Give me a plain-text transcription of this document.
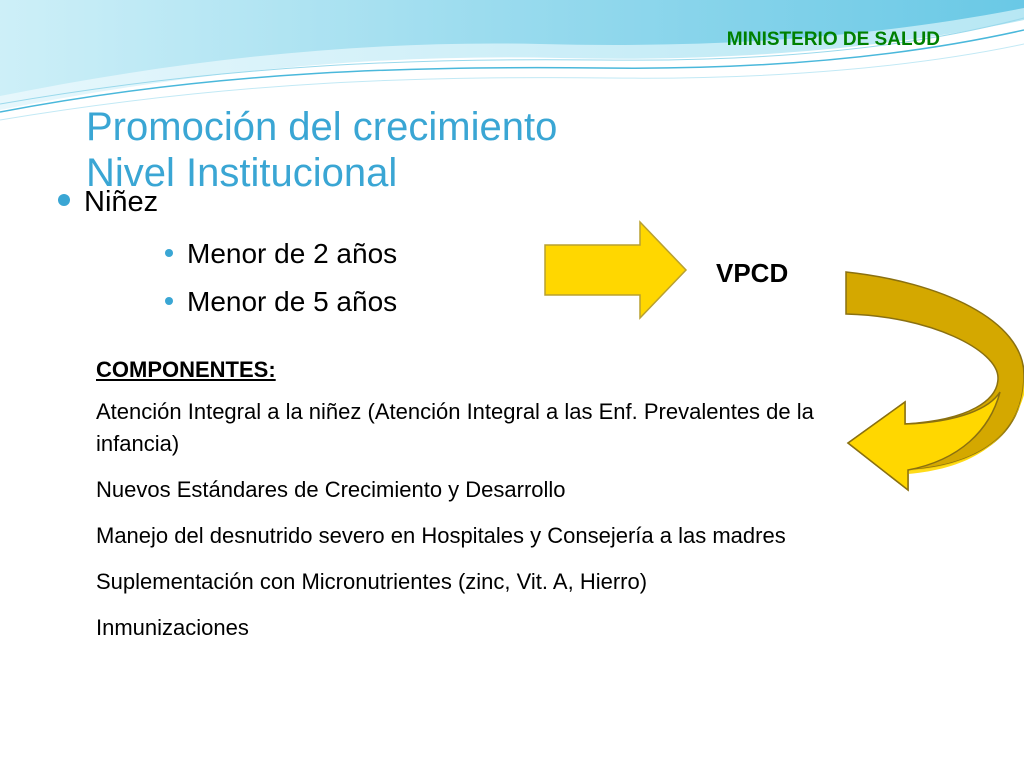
MINISTERIO DE SALUD
Promoción del crecimiento
Nivel Institucional
Niñez
Menor de 2 años
Menor de 5 años
VPCD
COMPONENTES:
Atención Integral a la niñez (Atención Integral a las Enf. Prevalentes de la infancia)
Nuevos Estándares de Crecimiento y Desarrollo
Manejo del desnutrido severo en Hospitales y Consejería a las madres
Suplementación con Micronutrientes (zinc, Vit. A, Hierro)
Inmunizaciones
